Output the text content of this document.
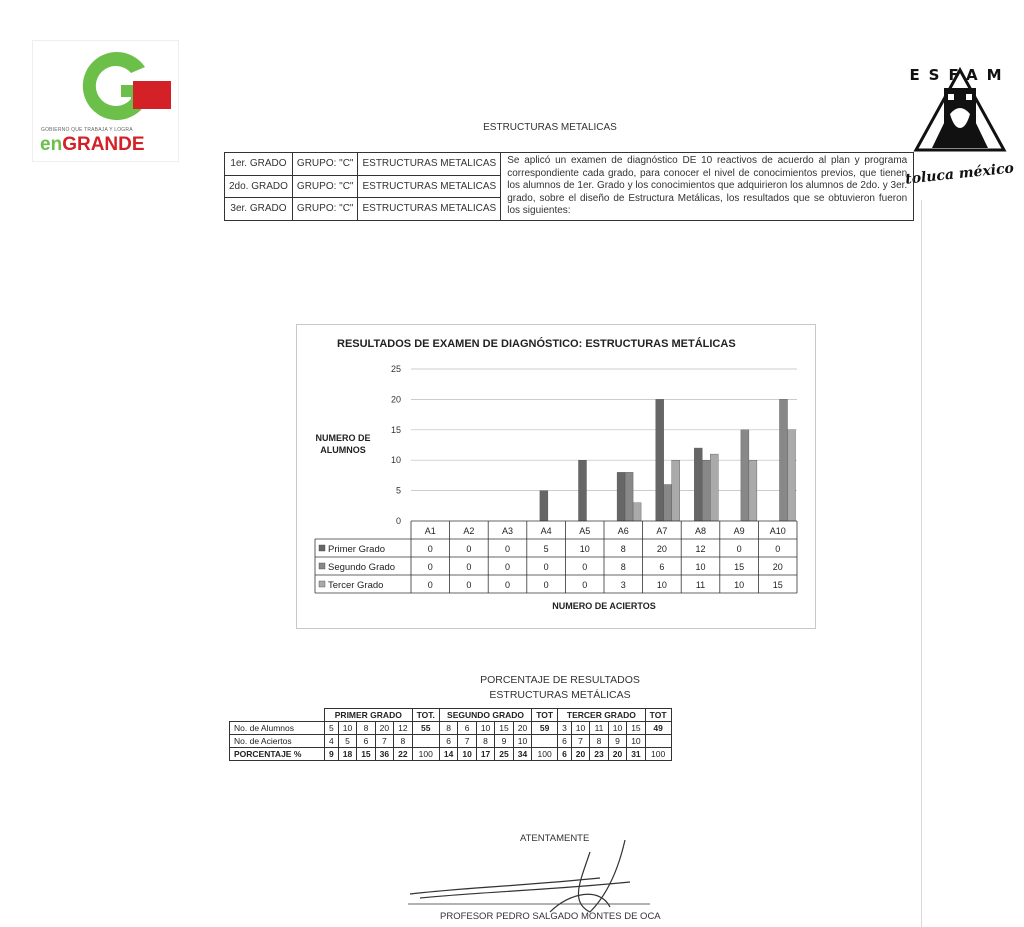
GOBIERNO QUE TRABAJA Y LOGRA
enGRANDE
ESFAM
toluca méxico
ESTRUCTURAS METALICAS
1er. GRADO	GRUPO: "C"	ESTRUCTURAS METALICAS	Se aplicó un examen de diagnóstico DE 10 reactivos de acuerdo al plan y programa correspondiente cada grado, para conocer el nivel de conocimientos previos, que tienen los alumnos de 1er. Grado y los conocimientos que adquirieron los alumnos de 2do. y 3er. grado, sobre el diseño de Estructura Metálicas, los resultados que se obtuvieron fueron los siguientes:
2do. GRADO	GRUPO: "C"	ESTRUCTURAS METALICAS	
3er. GRADO	GRUPO: "C"	ESTRUCTURAS METALICAS	
RESULTADOS DE EXAMEN DE DIAGNÓSTICO: ESTRUCTURAS METÁLICAS
NUMERO DE
ALUMNOS
0
5
10
15
20
25
A1	A2	A3	A4	A5	A6	A7	A8	A9	A10
Primer Grado	0	0	0	5	10	8	20	12	0	0
Segundo Grado	0	0	0	0	0	8	6	10	15	20
Tercer Grado	0	0	0	0	0	3	10	11	10	15
NUMERO DE ACIERTOS
PORCENTAJE DE RESULTADOS
ESTRUCTURAS METÁLICAS
	PRIMER GRADO					TOT.	SEGUNDO GRADO					TOT	TERCER GRADO					TOT
No. de Alumnos	5	10	8	20	12	55	8	6	10	15	20	59	3	10	11	10	15	49
No. de Aciertos	4	5	6	7	8		6	7	8	9	10		6	7	8	9	10	
PORCENTAJE %	9	18	15	36	22	100	14	10	17	25	34	100	6	20	23	20	31	100
ATENTAMENTE
PROFESOR PEDRO SALGADO MONTES DE OCA
